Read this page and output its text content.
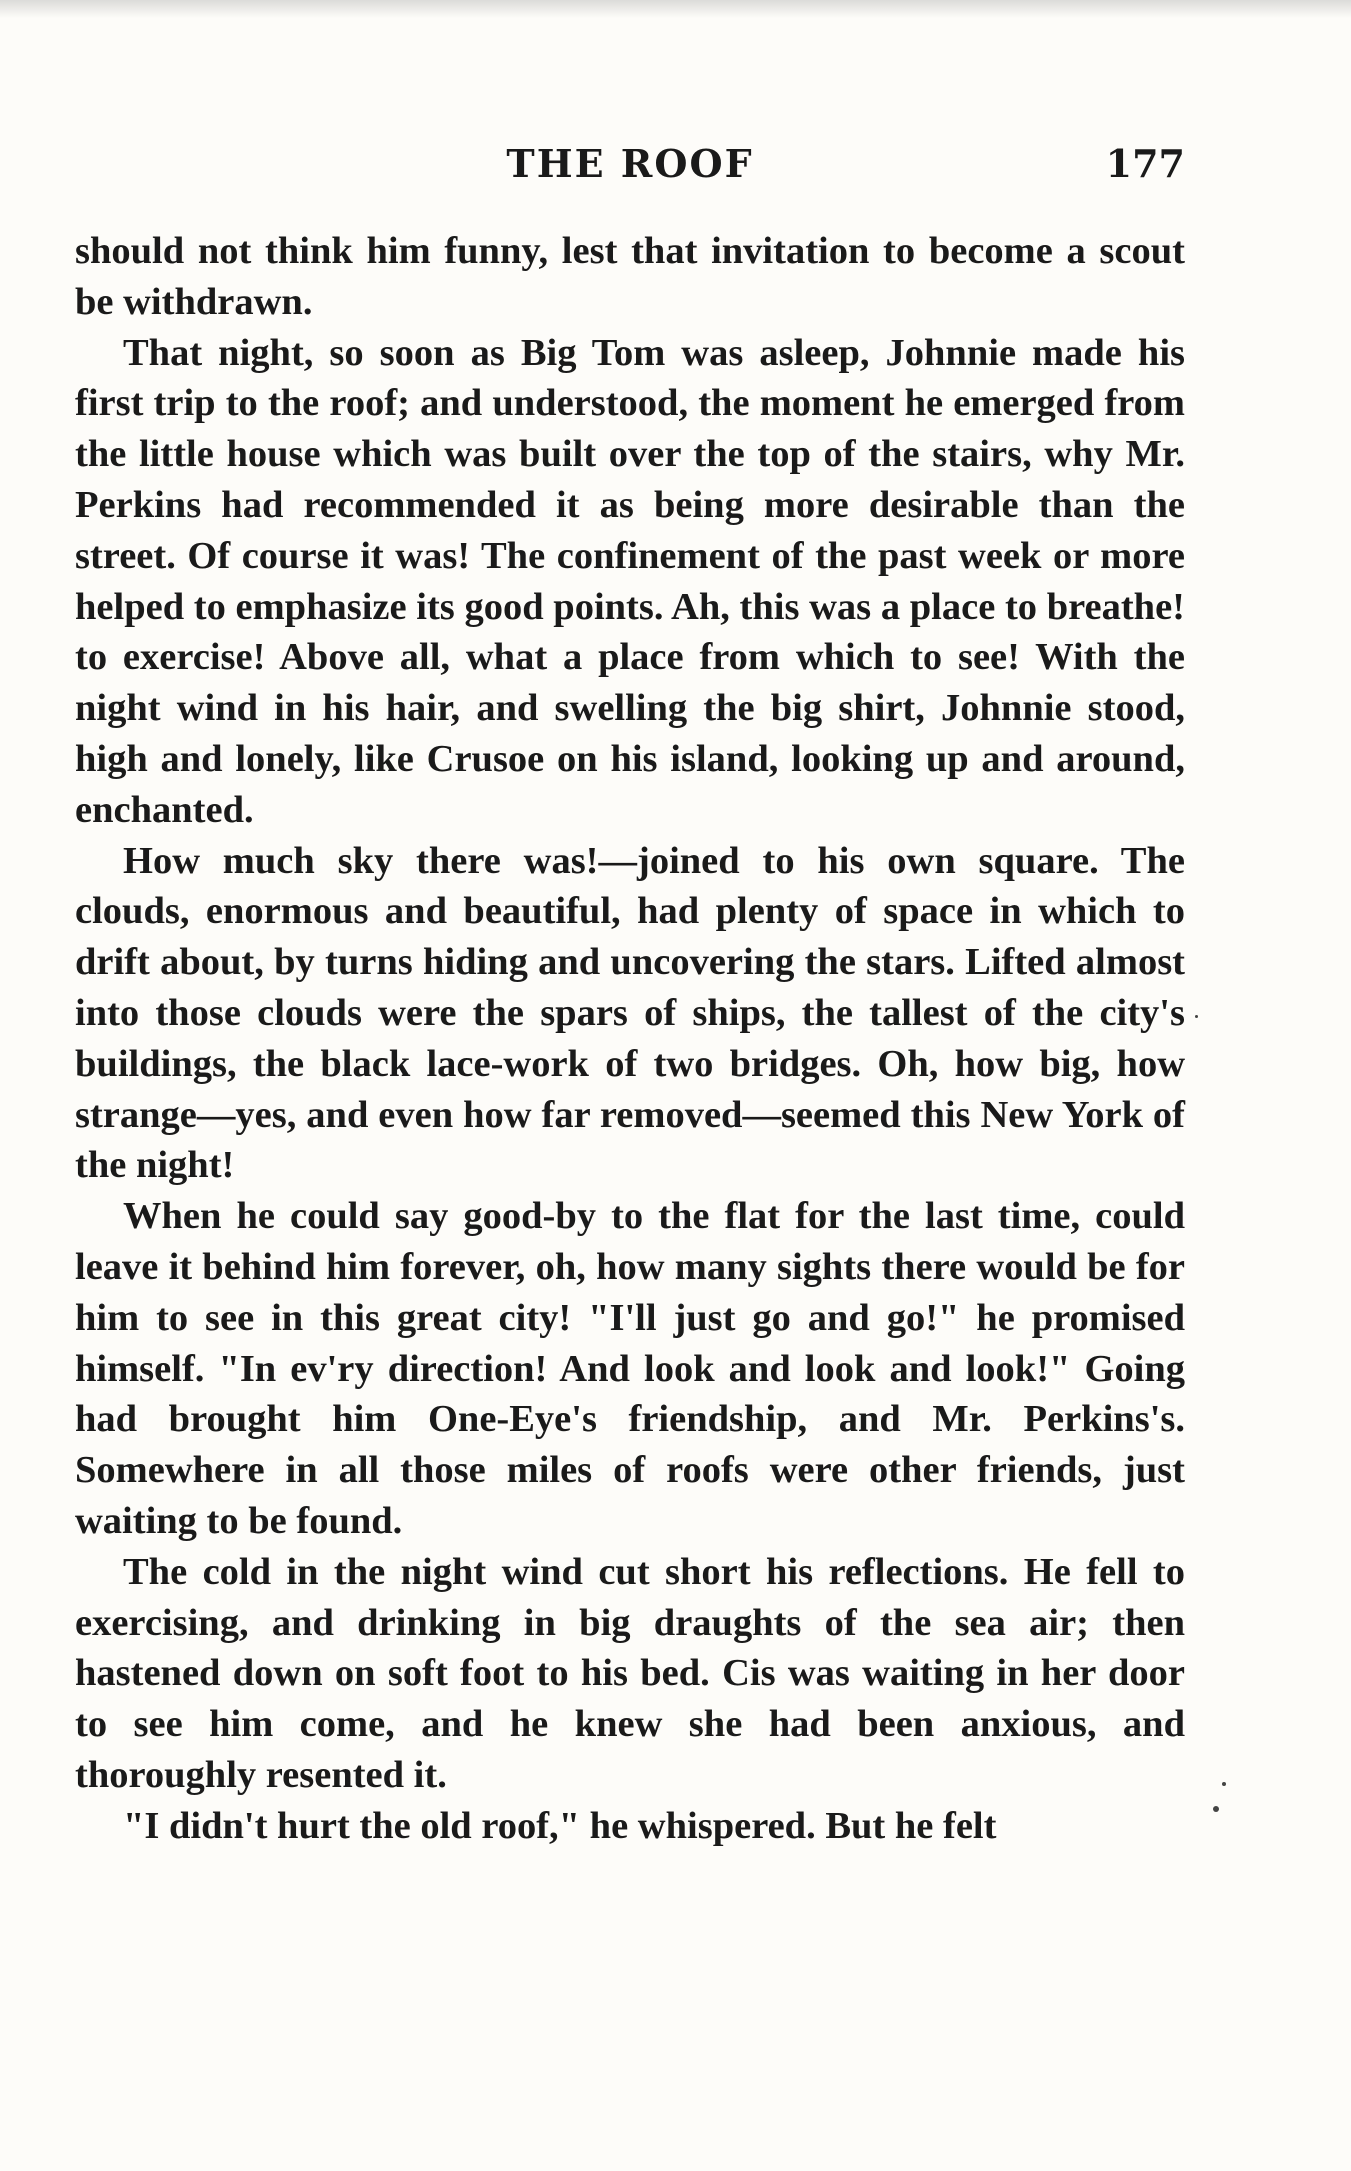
THE ROOF	177

should not think him funny, lest that invitation to become a scout be withdrawn.

That night, so soon as Big Tom was asleep, Johnnie made his first trip to the roof; and understood, the moment he emerged from the little house which was built over the top of the stairs, why Mr. Perkins had recommended it as being more desirable than the street. Of course it was! The confinement of the past week or more helped to emphasize its good points. Ah, this was a place to breathe! to exercise! Above all, what a place from which to see! With the night wind in his hair, and swelling the big shirt, Johnnie stood, high and lonely, like Crusoe on his island, looking up and around, enchanted.

How much sky there was!—joined to his own square. The clouds, enormous and beautiful, had plenty of space in which to drift about, by turns hiding and uncovering the stars. Lifted almost into those clouds were the spars of ships, the tallest of the city's buildings, the black lace-work of two bridges. Oh, how big, how strange—yes, and even how far removed—seemed this New York of the night!

When he could say good-by to the flat for the last time, could leave it behind him forever, oh, how many sights there would be for him to see in this great city! "I'll just go and go!" he promised himself. "In ev'ry direction! And look and look and look!" Going had brought him One-Eye's friendship, and Mr. Perkins's. Somewhere in all those miles of roofs were other friends, just waiting to be found.

The cold in the night wind cut short his reflections. He fell to exercising, and drinking in big draughts of the sea air; then hastened down on soft foot to his bed. Cis was waiting in her door to see him come, and he knew she had been anxious, and thoroughly resented it.

"I didn't hurt the old roof," he whispered. But he felt
